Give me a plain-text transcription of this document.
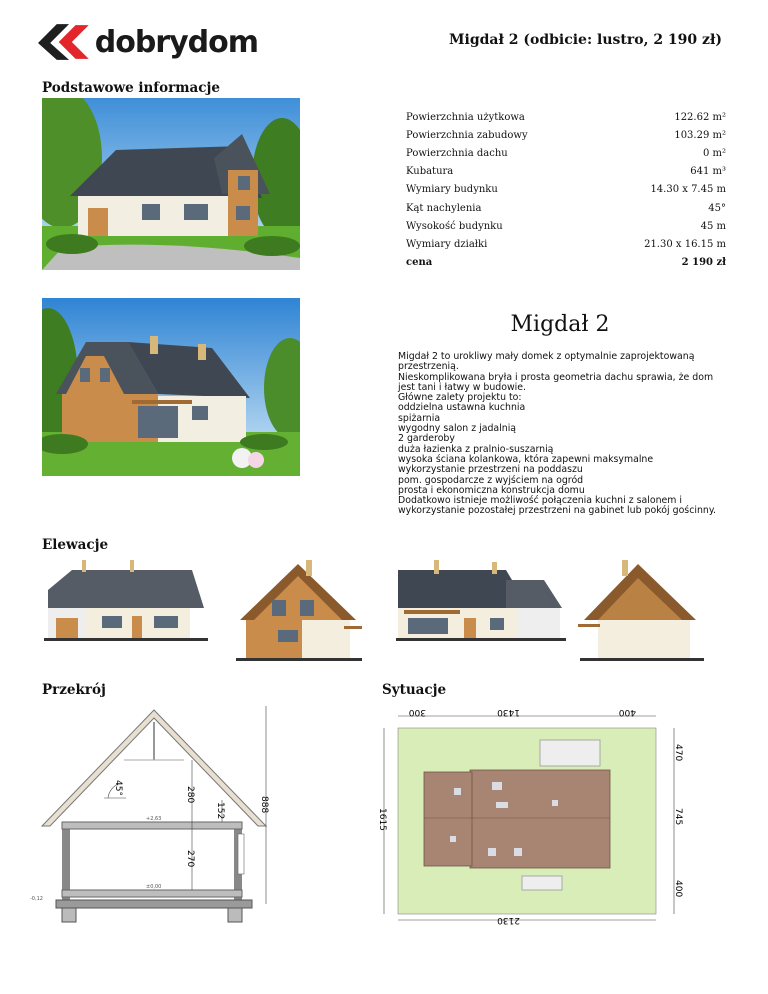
dobrydom	Migdał 2 (odbicie: lustro, 2 190 zł)
Podstawowe informacje
Powierzchnia użytkowa	122.62 m²
Powierzchnia zabudowy	103.29 m²
Powierzchnia dachu	0 m²
Kubatura	641 m³
Wymiary budynku	14.30 x 7.45 m
Kąt nachylenia	45°
Wysokość budynku	45 m
Wymiary działki	21.30 x 16.15 m
cena	2 190 zł
Migdał 2
Migdał 2 to urokliwy mały domek z optymalnie zaprojektowaną
przestrzenią.
Nieskomplikowana bryła i prosta geometria dachu sprawia, że dom
jest tani i łatwy w budowie.
Główne zalety projektu to:
oddzielna ustawna kuchnia
spiżarnia
wygodny salon z jadalnią
2 garderoby
duża łazienka z pralnio-suszarnią
wysoka ściana kolankowa, która zapewni maksymalne
wykorzystanie przestrzeni na poddaszu
pom. gospodarcze z wyjściem na ogród
prosta i ekonomiczna konstrukcja domu
Dodatkowo istnieje możliwość połączenia kuchni z salonem i
wykorzystanie pozostałej przestrzeni na gabinet lub pokój gościnny.
Elewacje
Przekrój	Sytuacje
45°	280
152
270
888
+2,63
±0,00
-0,12
300	1430	400
1615
470
745
400
2130
